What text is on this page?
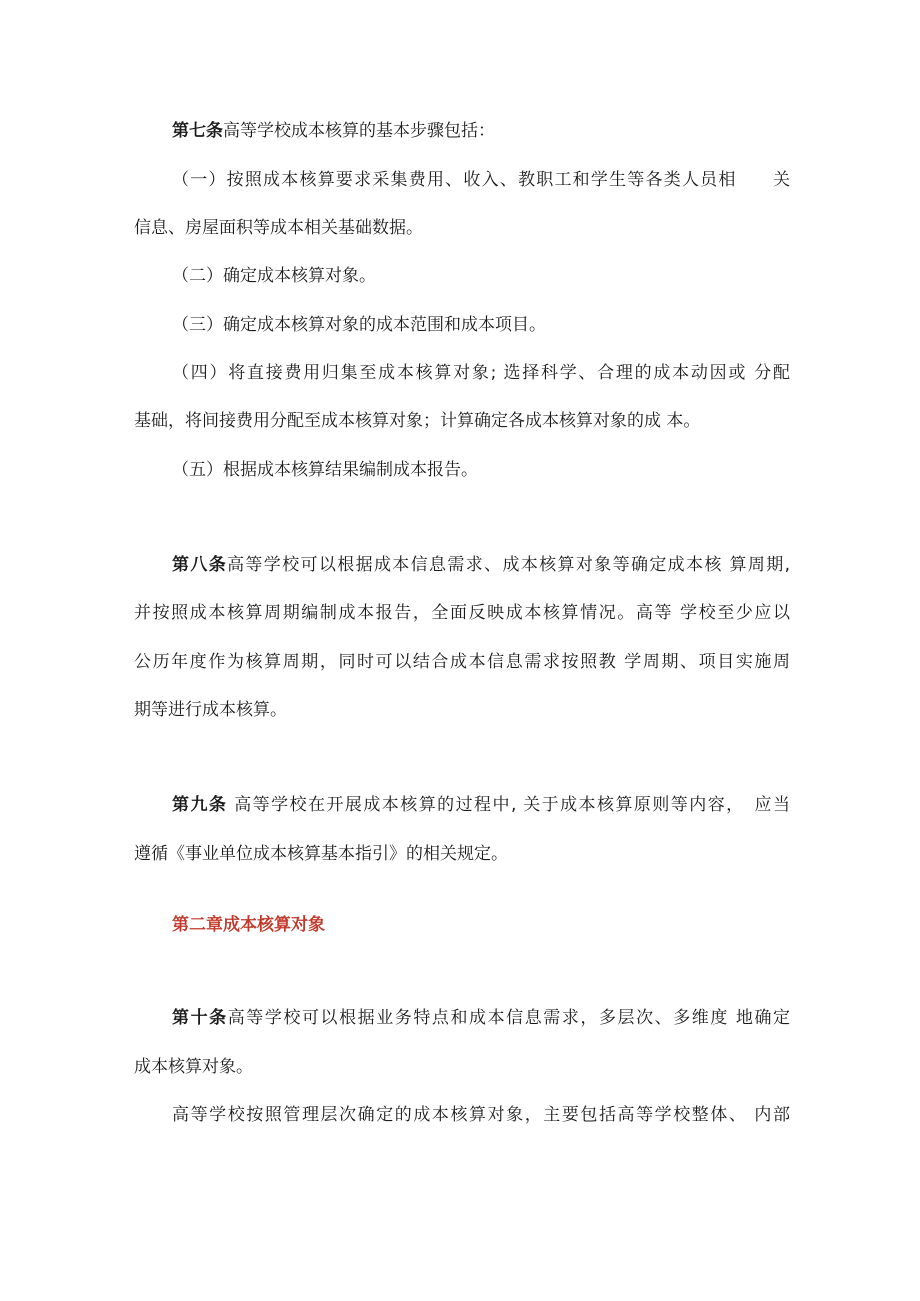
第七条高等学校成本核算的基本步骤包括：
（一）按照成本核算要求采集费用、收入、教职工和学生等各类人员相　　关
信息、房屋面积等成本相关基础数据。
（二）确定成本核算对象。
（三）确定成本核算对象的成本范围和成本项目。
（四）将直接费用归集至成本核算对象; 选择科学、合理的成本动因或 分配
基础，将间接费用分配至成本核算对象；计算确定各成本核算对象的成 本。
（五）根据成本核算结果编制成本报告。
第八条高等学校可以根据成本信息需求、成本核算对象等确定成本核 算周期,
并按照成本核算周期编制成本报告，全面反映成本核算情况。高等 学校至少应以
公历年度作为核算周期，同时可以结合成本信息需求按照教 学周期、项目实施周
期等进行成本核算。
第九条 高等学校在开展成本核算的过程中, 关于成本核算原则等内容，　应当
遵循《事业单位成本核算基本指引》的相关规定。
第二章成本核算对象
第十条高等学校可以根据业务特点和成本信息需求，多层次、多维度 地确定
成本核算对象。
高等学校按照管理层次确定的成本核算对象，主要包括高等学校整体、 内部
